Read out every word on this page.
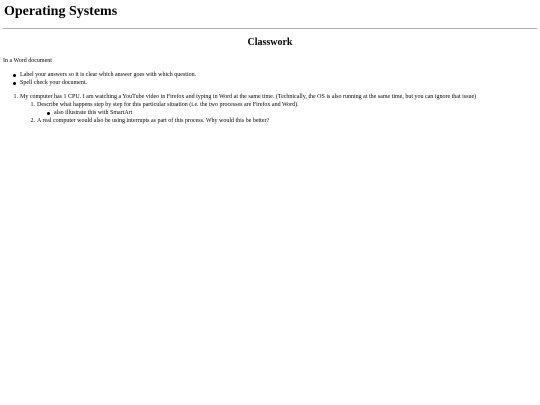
Operating Systems
Classwork

In a Word document

Label your answers so it is clear which answer goes with which question.
Spell check your document.
1. My computer has 1 CPU. I am watching a YouTube video in Firefox and typing in Word at the same time. (Technically, the OS is also running at the same time, but you can ignore that issue)
1. Describe what happens step by step for this particular situation (i.e. the two processes are Firefox and Word).
also illustrate this with SmartArt
2. A real computer would also be using interrupts as part of this process. Why would this be better?
